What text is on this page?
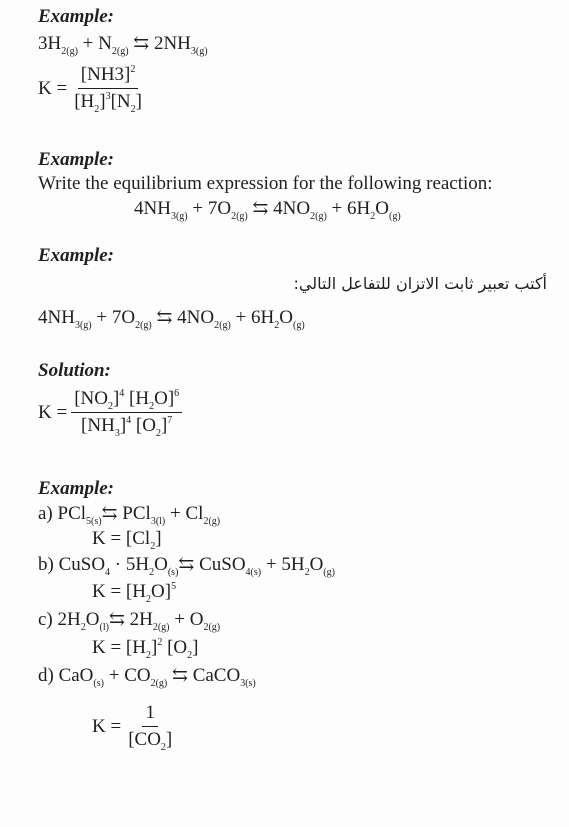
Example:
$3H_{2(g)} + N_{2(g)}$ ⇆ $2NH_{3(g)}$
$K = \frac{[NH3]^2}{[H_2]^3[N_2]}$
Example:
Write the equilibrium expression for the following reaction:
$4NH_{3(g)} + 7O_{2(g)}$ ⇆ $4NO_{2(g)} + 6H_2O_{(g)}$
Example:
أكتب تعبير ثابت الاتزان للتفاعل التالي:
$4NH_{3(g)} + 7O_{2(g)}$ ⇆ $4NO_{2(g)} + 6H_2O_{(g)}$
Solution:
$K = \frac{[NO_2]^4 [H_2O]^6}{[NH_3]^4 [O_2]^7}$
Example:
a) PCl$_{5(s)}$⇆ $PCl_{3(l)} + Cl_{2(g)}$
$K = [Cl_2]$
b) CuSO$_4$ · $5H_2O_{(s)}⇆$ CuSO$_{4(s)}$ + $5H_2O_{(g)}$
$K = [H_2O]^5$
c) $2H_2O_{(l)}⇆$ $2H_{2(g)} + O_{2(g)}$
$K = [H_2]^2$ $[O_2]$
d) $CaO_{(s)} + CO_{2(g)}$ ⇆ CaCO$_{3(s)}$
$K = \frac{1}{[CO_2]}$
